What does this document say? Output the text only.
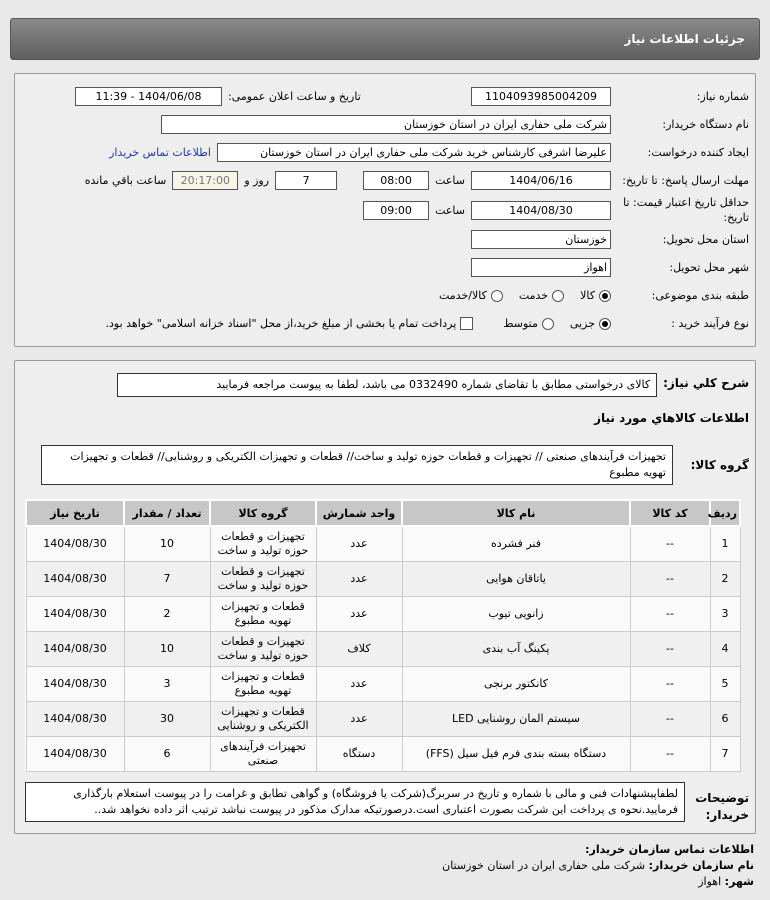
جزئیات اطلاعات نیاز
شماره نیاز:
1104093985004209
تاریخ و ساعت اعلان عمومی:
1404/06/08 - 11:39
نام دستگاه خریدار:
شرکت ملی حفاری ایران در استان خوزستان
ایجاد کننده درخواست:
علیرضا اشرفی کارشناس خرید شرکت ملی حفاری ایران در استان خوزستان
اطلاعات تماس خریدار
مهلت ارسال پاسخ: تا تاریخ:
1404/06/16
ساعت
08:00
7
روز و
20:17:00
ساعت باقي مانده
حداقل تاریخ اعتبار قیمت: تا تاریخ:
1404/08/30
ساعت
09:00
استان محل تحویل:
خوزستان
شهر محل تحویل:
اهواز
طبقه بندی موضوعی:
کالا
خدمت
کالا/خدمت
نوع فرآیند خرید :
جزیی
متوسط
پرداخت تمام یا بخشی از مبلغ خرید،از محل "اسناد خزانه اسلامی" خواهد بود.
شرح کلي نياز:
کالای درخواستی مطابق با تقاضای شماره 0332490 می باشد، لطفا به پیوست مراجعه فرمایید
اطلاعات کالاهاي مورد نياز
گروه کالا:
تجهیزات فرآیندهای صنعتی // تجهیزات و قطعات حوزه تولید و ساخت// قطعات و تجهیزات الکتریکی و روشنایی// قطعات و تجهیزات تهویه مطبوع
ردیف	کد کالا	نام کالا	واحد شمارش	گروه کالا	تعداد / مقدار	تاریخ نیاز
1	--	فنر فشرده	عدد	تجهیزات و قطعات حوزه تولید و ساخت	10	1404/08/30
2	--	یاتاقان هوایی	عدد	تجهیزات و قطعات حوزه تولید و ساخت	7	1404/08/30
3	--	زانویی تیوب	عدد	قطعات و تجهیزات تهویه مطبوع	2	1404/08/30
4	--	پکینگ آب بندی	کلاف	تجهیزات و قطعات حوزه تولید و ساخت	10	1404/08/30
5	--	کانکتور برنجی	عدد	قطعات و تجهیزات تهویه مطبوع	3	1404/08/30
6	--	سیستم المان روشنایی LED	عدد	قطعات و تجهیزات الکتریکی و روشنایی	30	1404/08/30
7	--	دستگاه بسته بندی فرم فیل سیل (FFS)	دستگاه	تجهیزات فرآیندهای صنعتی	6	1404/08/30
توضیحات خریدار:
لطفاپیشنهادات فنی و مالی با شماره و تاریخ در سربرگ(شرکت یا فروشگاه) و گواهی تطابق و غرامت را در پیوست استعلام بارگذاری فرمایید.نحوه ی پرداخت این شرکت بصورت اعتباری است.درصورتیکه مدارک مذکور در پیوست نباشد ترتیب اثر داده نخواهد شد..
اطلاعات تماس سازمان خریدار:
نام سازمان خریدار: شرکت ملی حفاری ایران در استان خوزستان
شهر: اهواز
